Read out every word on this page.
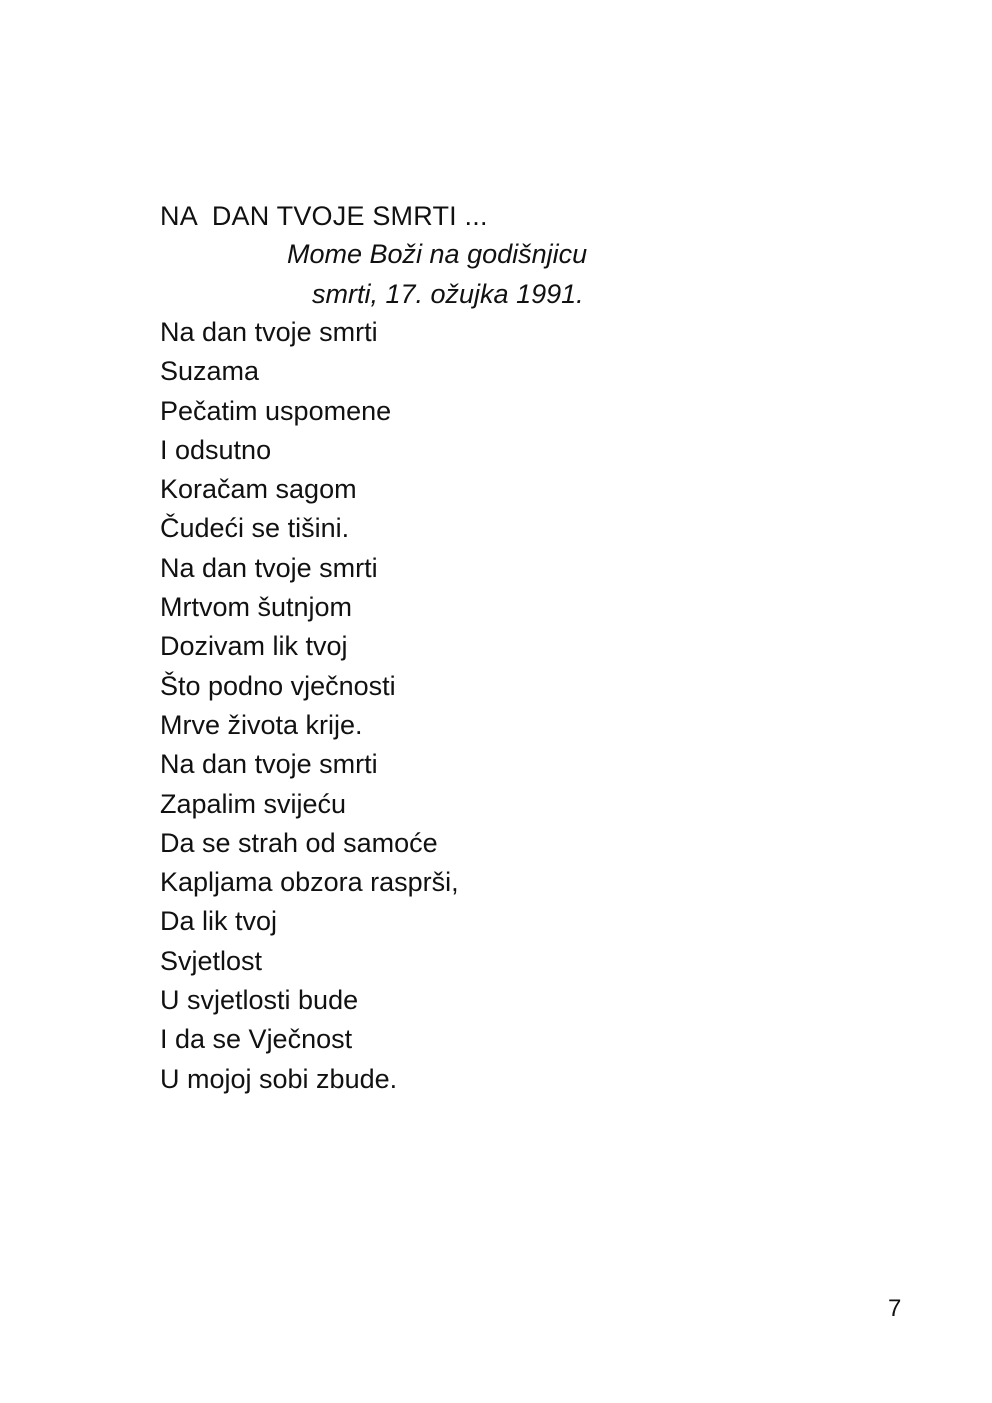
NA  DAN TVOJE SMRTI ...
Mome Boži na godišnjicu
smrti, 17. ožujka 1991.
Na dan tvoje smrti
Suzama
Pečatim uspomene
I odsutno
Koračam sagom
Čudeći se tišini.
Na dan tvoje smrti
Mrtvom šutnjom
Dozivam lik tvoj
Što podno vječnosti
Mrve života krije.
Na dan tvoje smrti
Zapalim svijeću
Da se strah od samoće
Kapljama obzora rasprši,
Da lik tvoj
Svjetlost
U svjetlosti bude
I da se Vječnost
U mojoj sobi zbude.
7
